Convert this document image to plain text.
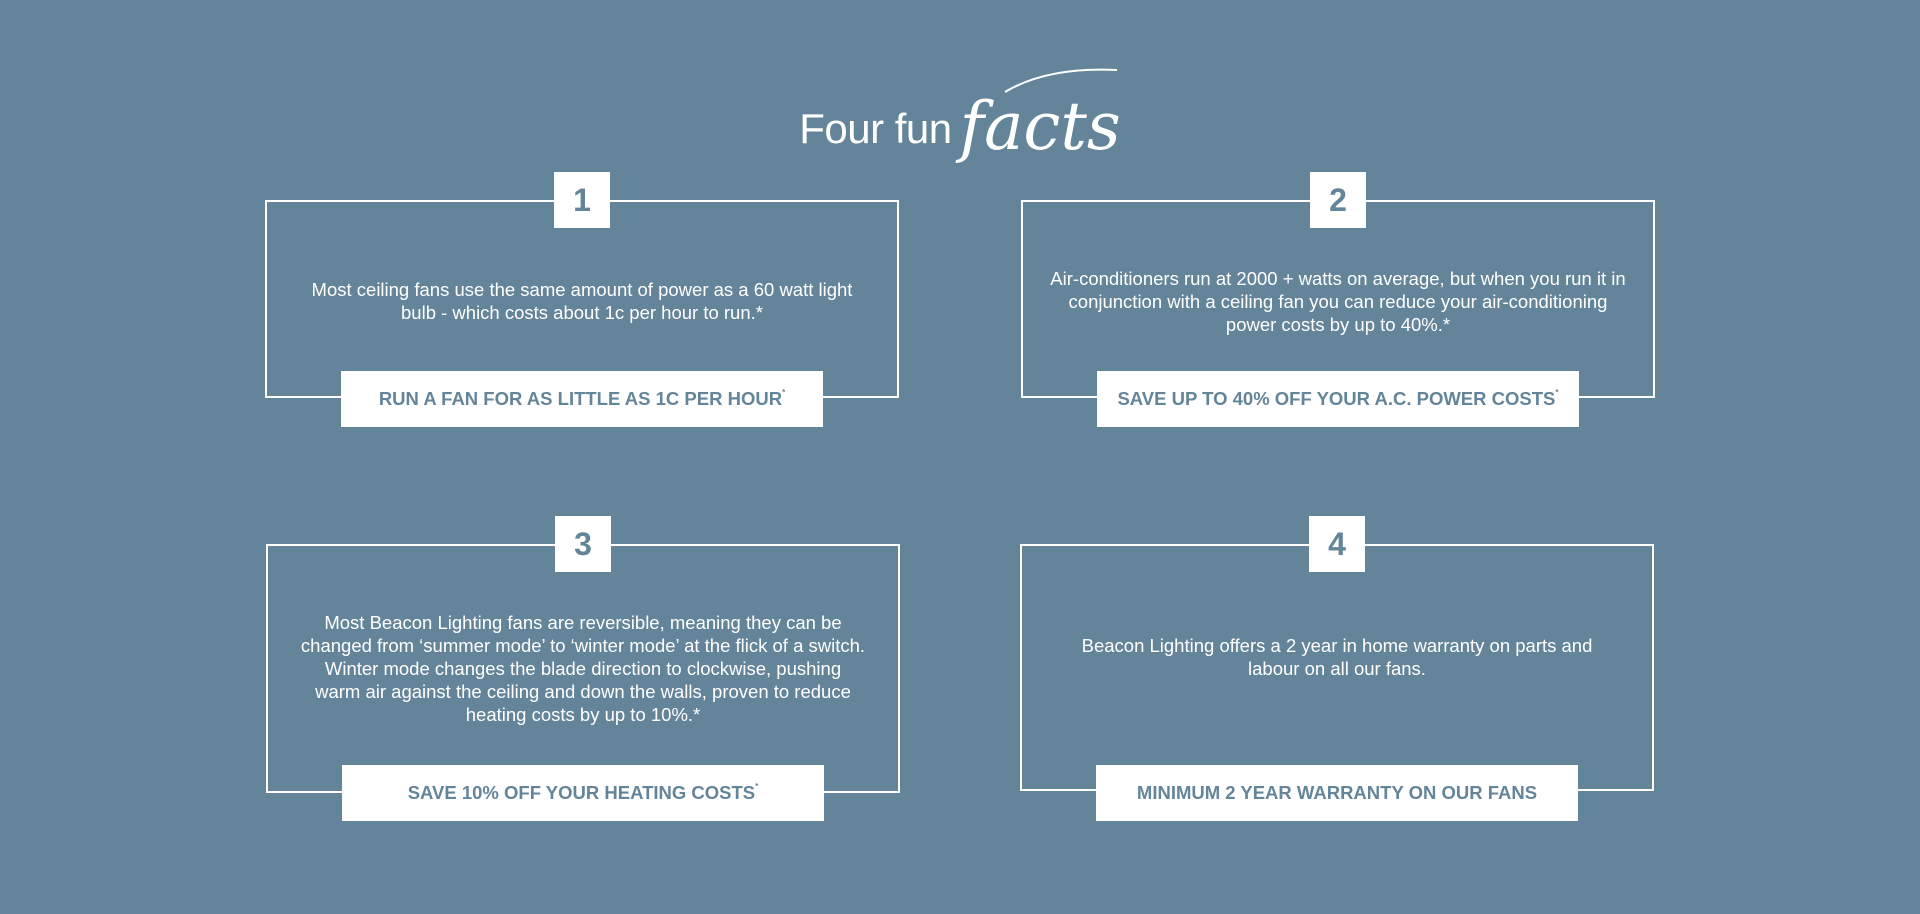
Four fun facts
1
Most ceiling fans use the same amount of power as a 60 watt light bulb - which costs about 1c per hour to run.*
RUN A FAN FOR AS LITTLE AS 1C PER HOUR*
2
Air-conditioners run at 2000 + watts on average, but when you run it in conjunction with a ceiling fan you can reduce your air-conditioning power costs by up to 40%.*
SAVE UP TO 40% OFF YOUR A.C. POWER COSTS*
3
Most Beacon Lighting fans are reversible, meaning they can be changed from ‘summer mode’ to ‘winter mode’ at the flick of a switch. Winter mode changes the blade direction to clockwise, pushing warm air against the ceiling and down the walls, proven to reduce heating costs by up to 10%.*
SAVE 10% OFF YOUR HEATING COSTS*
4
Beacon Lighting offers a 2 year in home warranty on parts and labour on all our fans.
MINIMUM 2 YEAR WARRANTY ON OUR FANS
